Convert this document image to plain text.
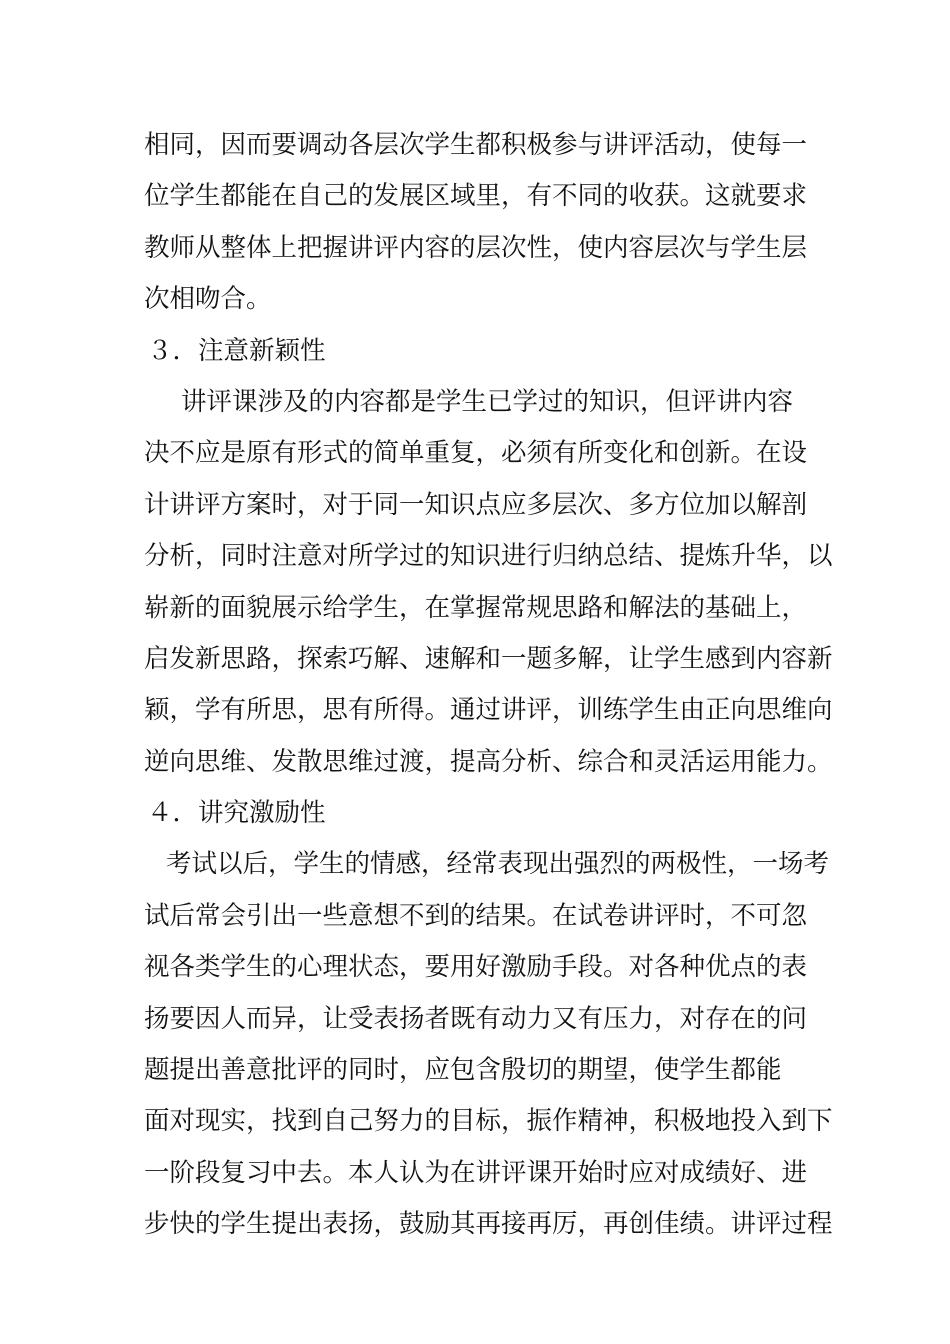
相同，因而要调动各层次学生都积极参与讲评活动，使每一
位学生都能在自己的发展区域里，有不同的收获。这就要求
教师从整体上把握讲评内容的层次性，使内容层次与学生层
次相吻合。
３．注意新颖性
讲评课涉及的内容都是学生已学过的知识，但评讲内容
决不应是原有形式的简单重复，必须有所变化和创新。在设
计讲评方案时，对于同一知识点应多层次、多方位加以解剖
分析，同时注意对所学过的知识进行归纳总结、提炼升华，以
崭新的面貌展示给学生，在掌握常规思路和解法的基础上，
启发新思路，探索巧解、速解和一题多解，让学生感到内容新
颖，学有所思，思有所得。通过讲评，训练学生由正向思维向
逆向思维、发散思维过渡，提高分析、综合和灵活运用能力。
４．讲究激励性
考试以后，学生的情感，经常表现出强烈的两极性，一场考
试后常会引出一些意想不到的结果。在试卷讲评时，不可忽
视各类学生的心理状态，要用好激励手段。对各种优点的表
扬要因人而异，让受表扬者既有动力又有压力，对存在的问
题提出善意批评的同时，应包含殷切的期望，使学生都能
面对现实，找到自己努力的目标，振作精神，积极地投入到下
一阶段复习中去。本人认为在讲评课开始时应对成绩好、进
步快的学生提出表扬，鼓励其再接再厉，再创佳绩。讲评过程
